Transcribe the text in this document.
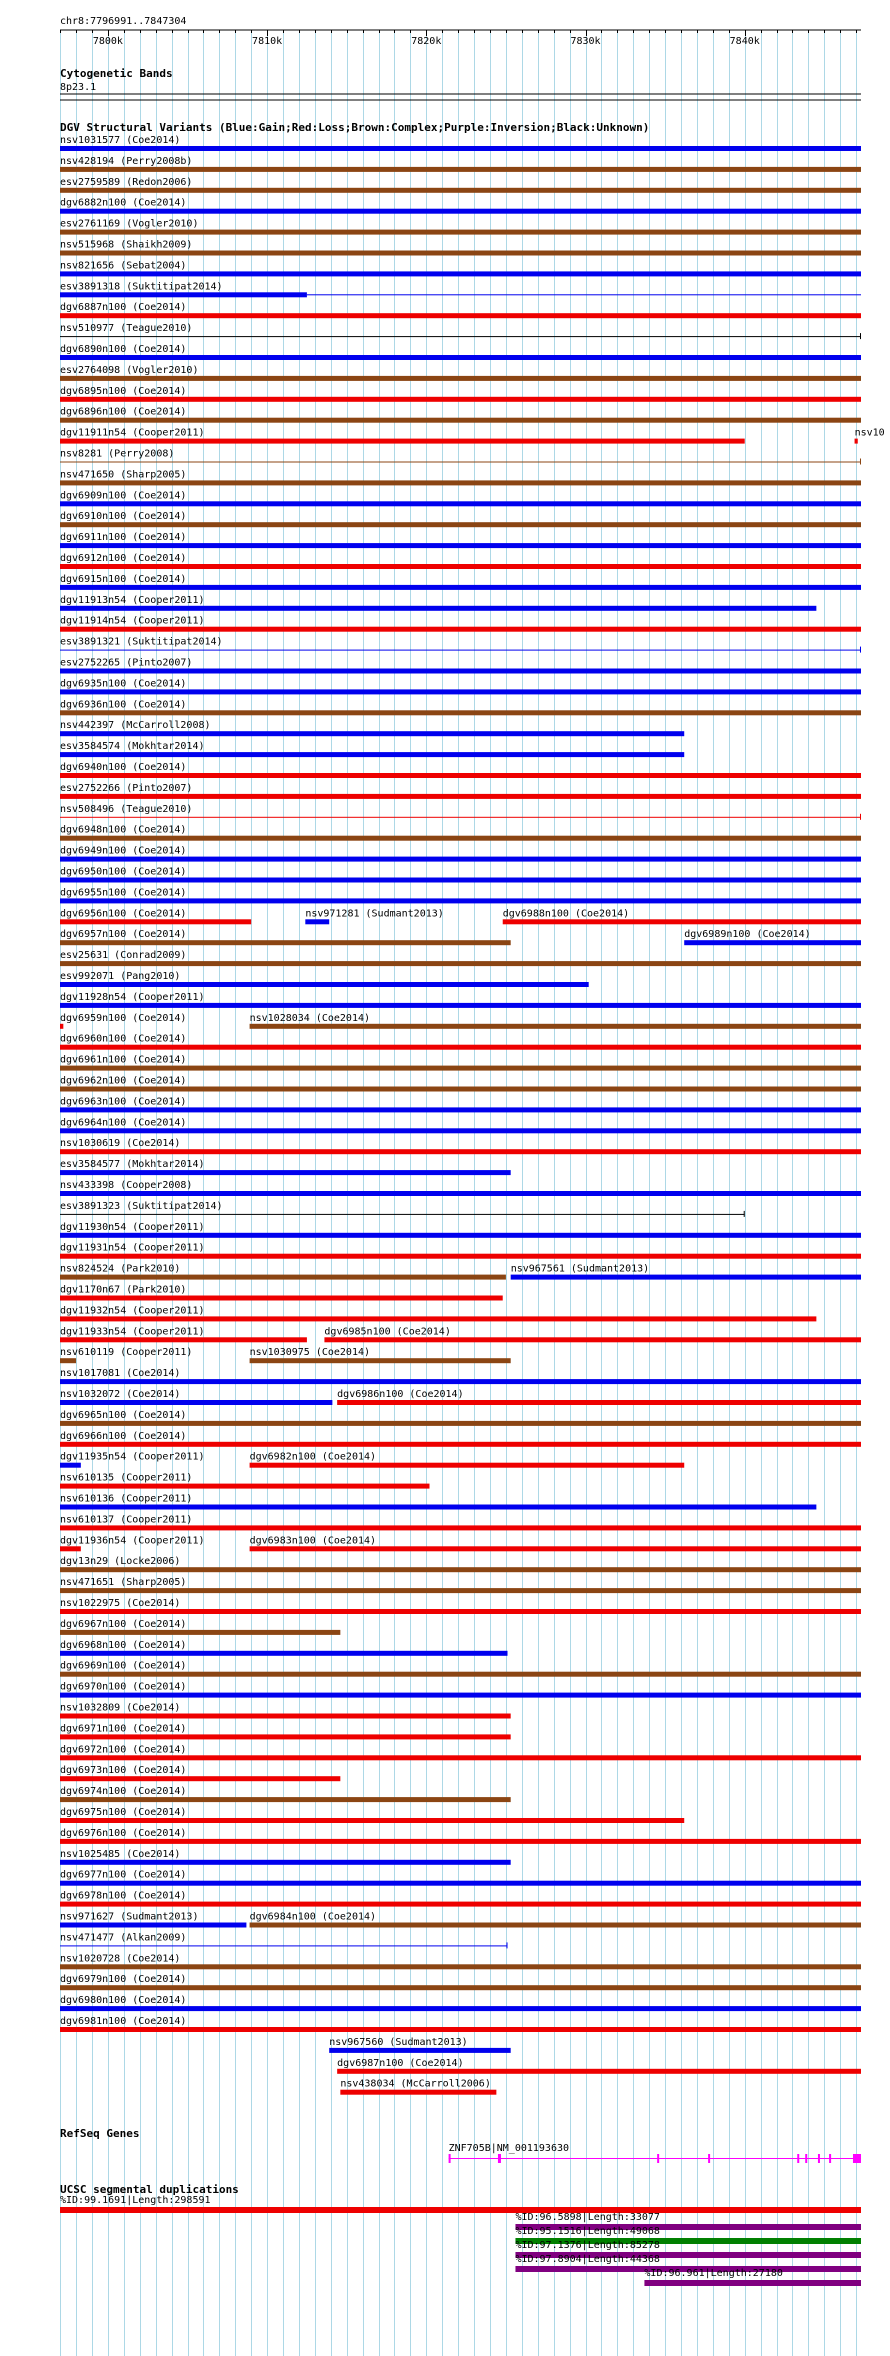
chr8:7796991..7847304
7800k	7810k	7820k	7830k	7840k
Cytogenetic Bands
8p23.1
DGV Structural Variants (Blue:Gain;Red:Loss;Brown:Complex;Purple:Inversion;Black:Unknown)
nsv1031577 (Coe2014)
nsv428194 (Perry2008b)
esv2759589 (Redon2006)
dgv6882n100 (Coe2014)
esv2761169 (Vogler2010)
nsv515968 (Shaikh2009)
nsv821656 (Sebat2004)
esv3891318 (Suktitipat2014)
dgv6887n100 (Coe2014)
nsv510977 (Teague2010)
dgv6890n100 (Coe2014)
esv2764098 (Vogler2010)
dgv6895n100 (Coe2014)
dgv6896n100 (Coe2014)
dgv11911n54 (Cooper2011)	nsv10
nsv8281 (Perry2008)
nsv471650 (Sharp2005)
dgv6909n100 (Coe2014)
dgv6910n100 (Coe2014)
dgv6911n100 (Coe2014)
dgv6912n100 (Coe2014)
dgv6915n100 (Coe2014)
dgv11913n54 (Cooper2011)
dgv11914n54 (Cooper2011)
esv3891321 (Suktitipat2014)
esv2752265 (Pinto2007)
dgv6935n100 (Coe2014)
dgv6936n100 (Coe2014)
nsv442397 (McCarroll2008)
esv3584574 (Mokhtar2014)
dgv6940n100 (Coe2014)
esv2752266 (Pinto2007)
nsv508496 (Teague2010)
dgv6948n100 (Coe2014)
dgv6949n100 (Coe2014)
dgv6950n100 (Coe2014)
dgv6955n100 (Coe2014)
dgv6956n100 (Coe2014)	nsv971281 (Sudmant2013)	dgv6988n100 (Coe2014)
dgv6957n100 (Coe2014)	dgv6989n100 (Coe2014)
esv25631 (Conrad2009)
esv992071 (Pang2010)
dgv11928n54 (Cooper2011)
dgv6959n100 (Coe2014)	nsv1028034 (Coe2014)
dgv6960n100 (Coe2014)
dgv6961n100 (Coe2014)
dgv6962n100 (Coe2014)
dgv6963n100 (Coe2014)
dgv6964n100 (Coe2014)
nsv1030619 (Coe2014)
esv3584577 (Mokhtar2014)
nsv433398 (Cooper2008)
esv3891323 (Suktitipat2014)
dgv11930n54 (Cooper2011)
dgv11931n54 (Cooper2011)
nsv824524 (Park2010)	nsv967561 (Sudmant2013)
dgv1170n67 (Park2010)
dgv11932n54 (Cooper2011)
dgv11933n54 (Cooper2011)	dgv6985n100 (Coe2014)
nsv610119 (Cooper2011)	nsv1030975 (Coe2014)
nsv1017081 (Coe2014)
nsv1032072 (Coe2014)	dgv6986n100 (Coe2014)
dgv6965n100 (Coe2014)
dgv6966n100 (Coe2014)
dgv11935n54 (Cooper2011)	dgv6982n100 (Coe2014)
nsv610135 (Cooper2011)
nsv610136 (Cooper2011)
nsv610137 (Cooper2011)
dgv11936n54 (Cooper2011)	dgv6983n100 (Coe2014)
dgv13n29 (Locke2006)
nsv471651 (Sharp2005)
nsv1022975 (Coe2014)
dgv6967n100 (Coe2014)
dgv6968n100 (Coe2014)
dgv6969n100 (Coe2014)
dgv6970n100 (Coe2014)
nsv1032809 (Coe2014)
dgv6971n100 (Coe2014)
dgv6972n100 (Coe2014)
dgv6973n100 (Coe2014)
dgv6974n100 (Coe2014)
dgv6975n100 (Coe2014)
dgv6976n100 (Coe2014)
nsv1025485 (Coe2014)
dgv6977n100 (Coe2014)
dgv6978n100 (Coe2014)
nsv971627 (Sudmant2013)	dgv6984n100 (Coe2014)
nsv471477 (Alkan2009)
nsv1020728 (Coe2014)
dgv6979n100 (Coe2014)
dgv6980n100 (Coe2014)
dgv6981n100 (Coe2014)
nsv967560 (Sudmant2013)
dgv6987n100 (Coe2014)
nsv438034 (McCarroll2006)
RefSeq Genes
ZNF705B|NM_001193630
UCSC segmental duplications
%ID:99.1691|Length:298591
%ID:96.5898|Length:33077
%ID:95.1516|Length:49068
%ID:97.1376|Length:85278
%ID:97.8904|Length:44368
%ID:96.961|Length:27180
